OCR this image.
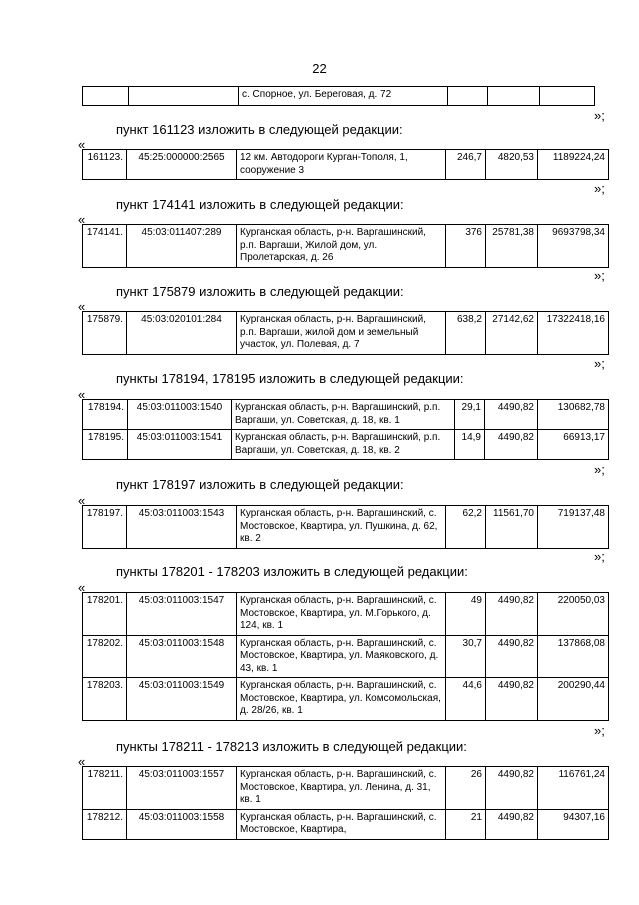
22
		с. Спорное, ул. Береговая, д. 72			
»;
пункт 161123 изложить в следующей редакции:
«
161123.	45:25:000000:2565	12 км. Автодороги Курган-Тополя, 1, сооружение 3	246,7	4820,53	1189224,24
»;
пункт 174141 изложить в следующей редакции:
«
174141.	45:03:011407:289	Курганская область, р-н. Варгашинский, р.п. Варгаши, Жилой дом, ул. Пролетарская, д. 26	376	25781,38	9693798,34
»;
пункт 175879 изложить в следующей редакции:
«
175879.	45:03:020101:284	Курганская область, р-н. Варгашинский, р.п. Варгаши, жилой дом и земельный участок, ул. Полевая, д. 7	638,2	27142,62	17322418,16
»;
пункты 178194, 178195 изложить в следующей редакции:
«
178194.	45:03:011003:1540	Курганская область, р-н. Варгашинский, р.п. Варгаши, ул. Советская, д. 18, кв. 1	29,1	4490,82	130682,78
178195.	45:03:011003:1541	Курганская область, р-н. Варгашинский, р.п. Варгаши, ул. Советская, д. 18, кв. 2	14,9	4490,82	66913,17
»;
пункт 178197 изложить в следующей редакции:
«
178197.	45:03:011003:1543	Курганская область, р-н. Варгашинский, с. Мостовское, Квартира, ул. Пушкина, д. 62, кв. 2	62,2	11561,70	719137,48
»;
пункты 178201 - 178203 изложить в следующей редакции:
«
178201.	45:03:011003:1547	Курганская область, р-н. Варгашинский, с. Мостовское, Квартира, ул. М.Горького, д. 124, кв. 1	49	4490,82	220050,03
178202.	45:03:011003:1548	Курганская область, р-н. Варгашинский, с. Мостовское, Квартира, ул. Маяковского, д. 43, кв. 1	30,7	4490,82	137868,08
178203.	45:03:011003:1549	Курганская область, р-н. Варгашинский, с. Мостовское, Квартира, ул. Комсомольская, д. 28/26, кв. 1	44,6	4490,82	200290,44
»;
пункты 178211 - 178213 изложить в следующей редакции:
«
178211.	45:03:011003:1557	Курганская область, р-н. Варгашинский, с. Мостовское, Квартира, ул. Ленина, д. 31, кв. 1	26	4490,82	116761,24
178212.	45:03:011003:1558	Курганская область, р-н. Варгашинский, с. Мостовское, Квартира,	21	4490,82	94307,16
